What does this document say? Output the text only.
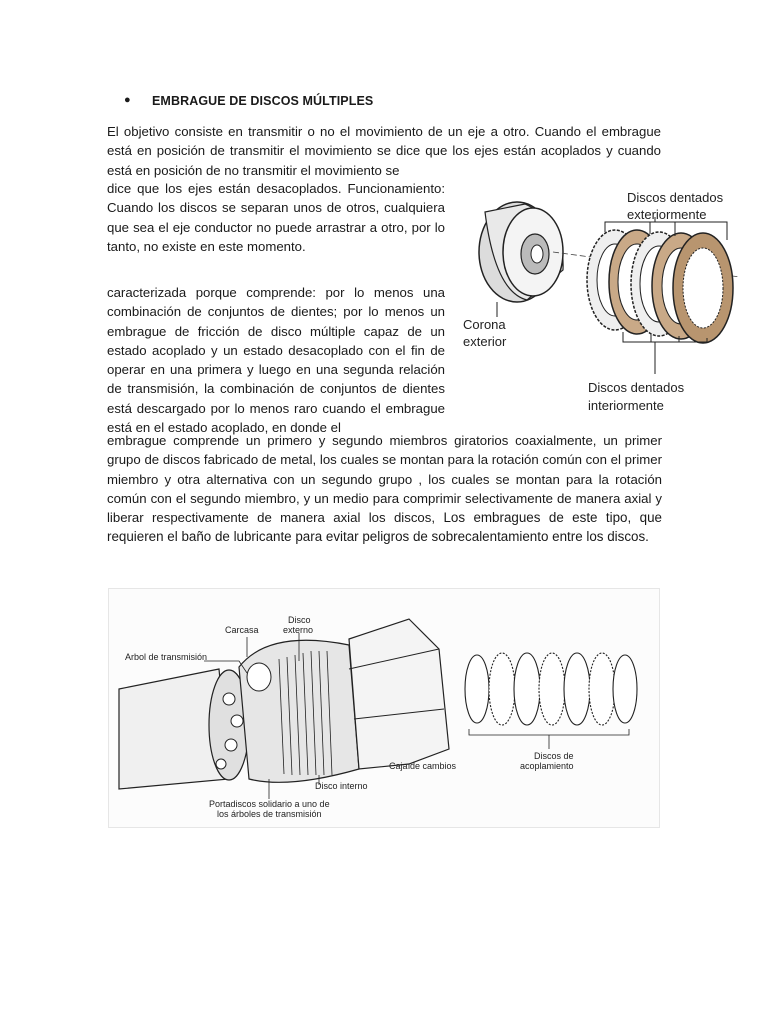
● EMBRAGUE DE DISCOS MÚLTIPLES

El objetivo consiste en transmitir o no el movimiento de un eje a otro. Cuando el embrague está en posición de transmitir el movimiento se dice que los ejes están acoplados y cuando está en posición de no transmitir el movimiento se

dice que los ejes están desacoplados. Funcionamiento: Cuando los discos se separan unos de otros, cualquiera que sea el eje conductor no puede arrastrar a otro, por lo tanto, no existe en este momento.

caracterizada porque comprende: por lo menos una combinación de conjuntos de dientes; por lo menos un embrague de fricción de disco múltiple capaz de un estado acoplado y un estado desacoplado con el fin de operar en una primera y luego en una segunda relación de transmisión, la combinación de conjuntos de dientes está descargado por lo menos raro cuando el embrague está en el estado acoplado, en donde el

embrague comprende un primero y segundo miembros giratorios coaxialmente, un primer grupo de discos fabricado de metal, los cuales se montan para la rotación común con el primer miembro y otra alternativa con un segundo grupo , los cuales se montan para la rotación común con el segundo miembro, y un medio para comprimir selectivamente de manera axial y liberar respectivamente de manera axial los discos, Los embragues de este tipo, que requieren el baño de lubricante para evitar peligros de sobrecalentamiento entre los discos.

Discos dentados
exteriormente
Corona
exterior
Discos dentados
interiormente
Arbol de transmisión
Carcasa
Disco
externo
Caja de cambios
Disco interno
Portadiscos solidario a uno de
los árboles de transmisión
Discos de
acoplamiento
